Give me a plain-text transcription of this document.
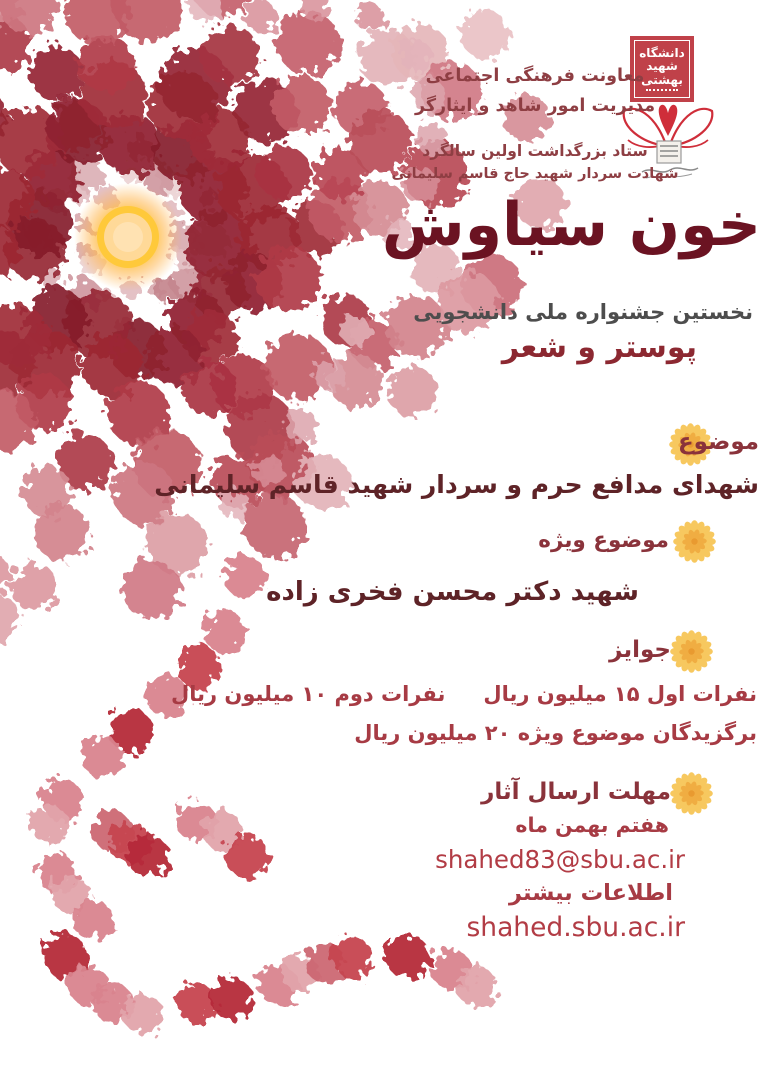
دانشگاه
شهید
بهشتی
معاونت فرهنگی اجتماعی
مدیریت امور شاهد و ایثارگر
ستاد بزرگداشت اولین سالگرد
شهادت سردار شهید حاج قاسم سلیمانی
خون سیاوش
نخستین جشنواره ملی دانشجویی
پوستر و شعر
موضوع
شهدای مدافع حرم و سردار شهید قاسم سلیمانی
موضوع ویژه
شهید دکتر محسن فخری زاده
جوایز
نفرات اول ۱۵ میلیون ریالنفرات دوم ۱۰ میلیون ریال
برگزیدگان موضوع ویژه ۲۰ میلیون ریال
مهلت ارسال آثار
هفتم بهمن ماه
shahed83@sbu.ac.ir
اطلاعات بیشتر
shahed.sbu.ac.ir
